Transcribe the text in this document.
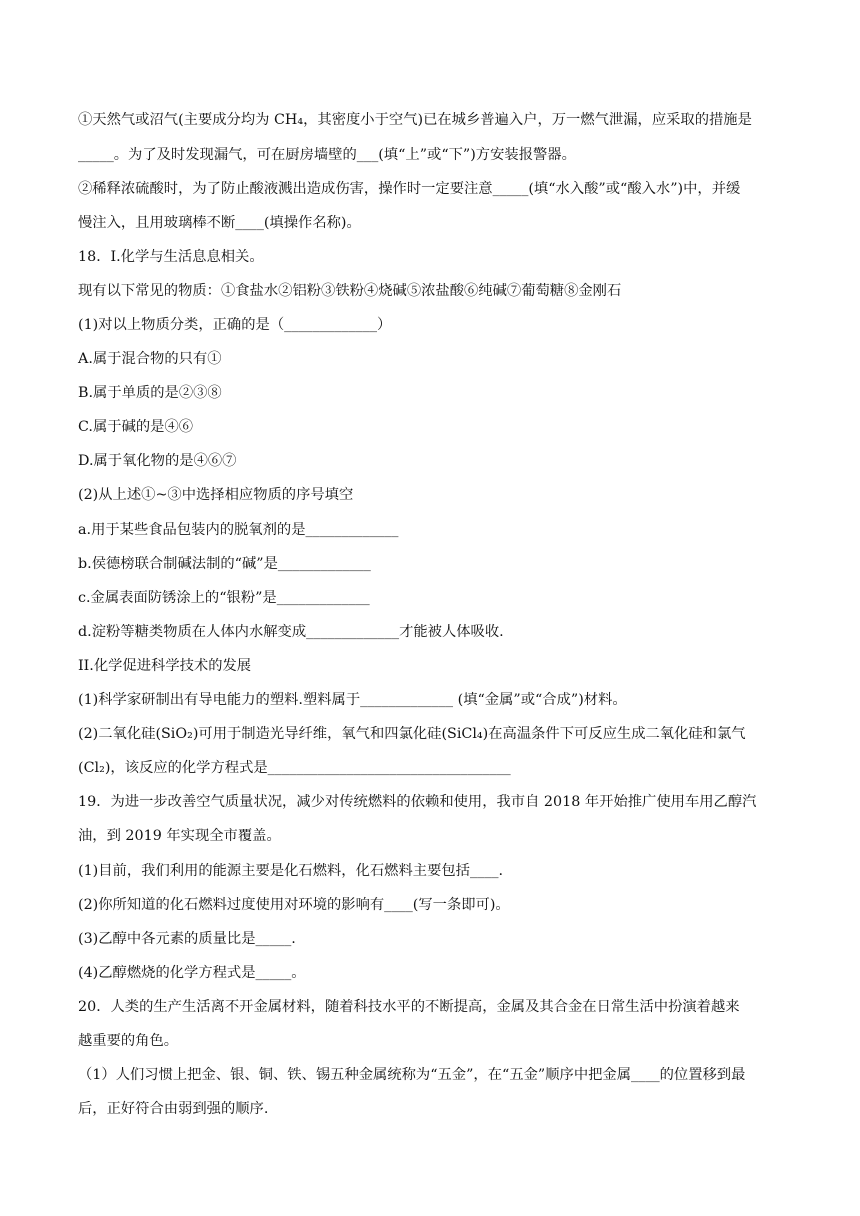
①天然气或沼气(主要成分均为 CH₄，其密度小于空气)已在城乡普遍入户，万一燃气泄漏，应采取的措施是
_____。为了及时发现漏气，可在厨房墙壁的___(填“上”或“下”)方安装报警器。
②稀释浓硫酸时，为了防止酸液溅出造成伤害，操作时一定要注意_____(填“水入酸”或“酸入水”)中，并缓
慢注入，且用玻璃棒不断____(填操作名称)。
18．I.化学与生活息息相关。
现有以下常见的物质：①食盐水②铝粉③铁粉④烧碱⑤浓盐酸⑥纯碱⑦葡萄糖⑧金刚石
(1)对以上物质分类，正确的是（_____________）
A.属于混合物的只有①
B.属于单质的是②③⑧
C.属于碱的是④⑥
D.属于氧化物的是④⑥⑦
(2)从上述①~③中选择相应物质的序号填空
a.用于某些食品包装内的脱氧剂的是_____________
b.侯德榜联合制碱法制的“碱”是_____________
c.金属表面防锈涂上的“银粉”是_____________
d.淀粉等糖类物质在人体内水解变成_____________才能被人体吸收.
II.化学促进科学技术的发展
(1)科学家研制出有导电能力的塑料.塑料属于_____________ (填“金属”或“合成”)材料。
(2)二氧化硅(SiO₂)可用于制造光导纤维，氧气和四氯化硅(SiCl₄)在高温条件下可反应生成二氧化硅和氯气
(Cl₂)，该反应的化学方程式是__________________________________
19．为进一步改善空气质量状况，减少对传统燃料的依赖和使用，我市自 2018 年开始推广使用车用乙醇汽
油，到 2019 年实现全市覆盖。
(1)目前，我们利用的能源主要是化石燃料，化石燃料主要包括____.
(2)你所知道的化石燃料过度使用对环境的影响有____(写一条即可)。
(3)乙醇中各元素的质量比是_____.
(4)乙醇燃烧的化学方程式是_____。
20．人类的生产生活离不开金属材料，随着科技水平的不断提高，金属及其合金在日常生活中扮演着越来
越重要的角色。
（1）人们习惯上把金、银、铜、铁、锡五种金属统称为“五金”，在“五金”顺序中把金属____的位置移到最
后，正好符合由弱到强的顺序.
